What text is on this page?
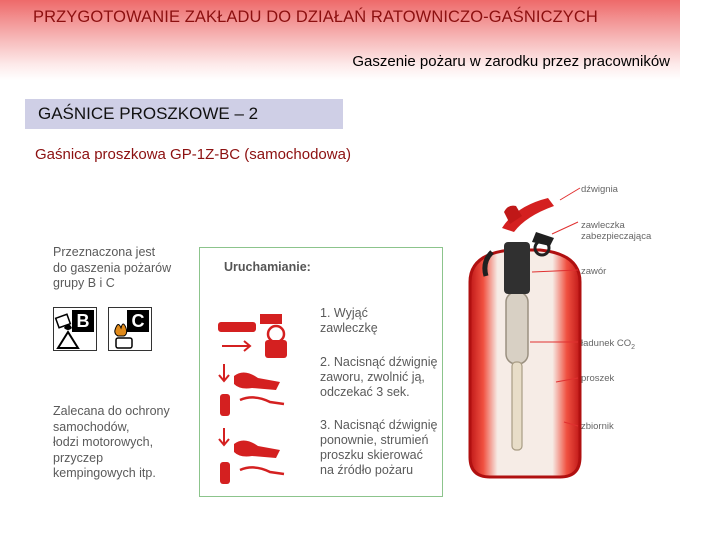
PRZYGOTOWANIE ZAKŁADU DO DZIAŁAŃ RATOWNICZO-GAŚNICZYCH
Gaszenie pożaru w zarodku przez pracowników
GAŚNICE PROSZKOWE – 2
Gaśnica proszkowa GP-1Z-BC (samochodowa)
Przeznaczona jest
do gaszenia pożarów
grupy B i C
B C
Zalecana do ochrony
samochodów,
łodzi motorowych,
przyczep
kempingowych itp.
Uruchamianie:
1. Wyjąć
zawleczkę
2. Nacisnąć dźwignię
zaworu, zwolnić ją,
odczekać 3 sek.
3. Nacisnąć dźwignię
ponownie, strumień
proszku skierować
na źródło pożaru
dźwignia
zawleczka
zabezpieczająca
zawór
ładunek $CO_2$
proszek
zbiornik
